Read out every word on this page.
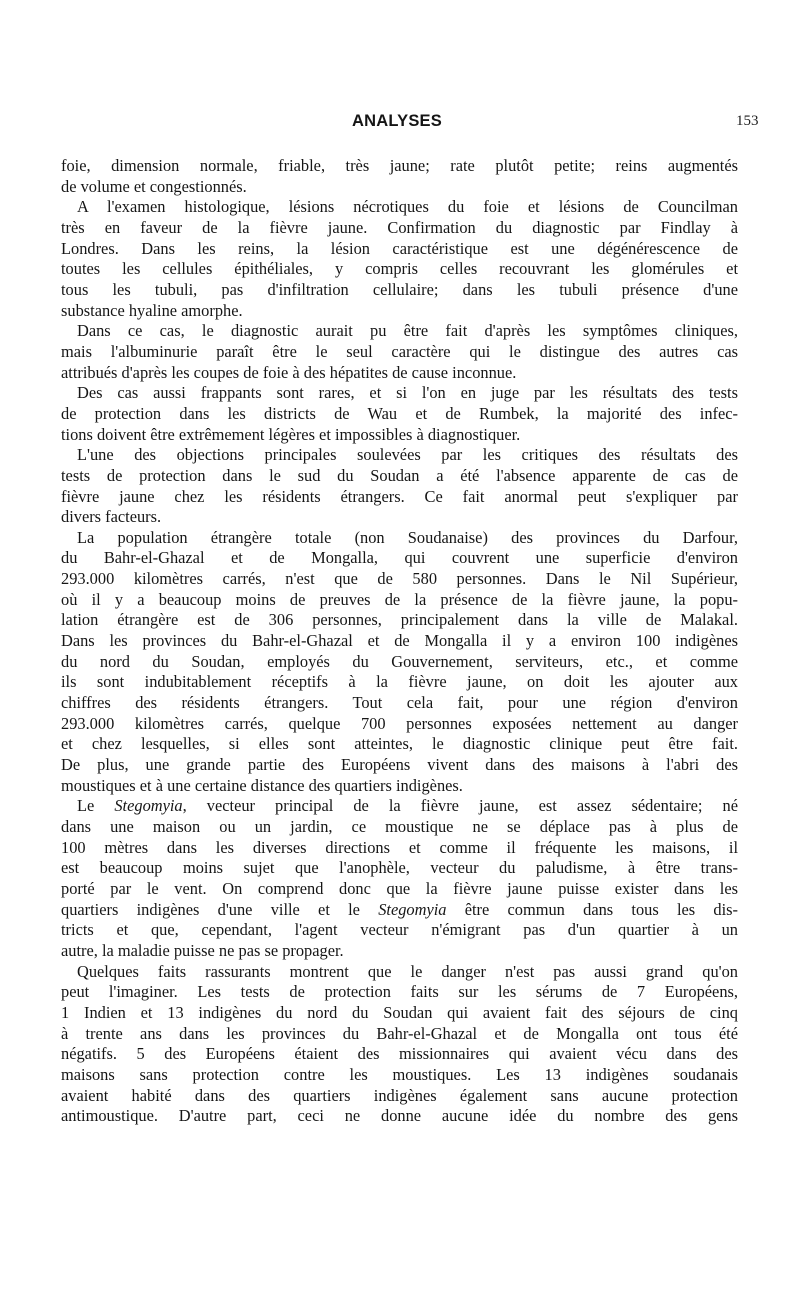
ANALYSES	153
foie, dimension normale, friable, très jaune; rate plutôt petite; reins augmentés
de volume et congestionnés.
A l'examen histologique, lésions nécrotiques du foie et lésions de Councilman
très en faveur de la fièvre jaune. Confirmation du diagnostic par Findlay à
Londres. Dans les reins, la lésion caractéristique est une dégénérescence de
toutes les cellules épithéliales, y compris celles recouvrant les glomérules et
tous les tubuli, pas d'infiltration cellulaire; dans les tubuli présence d'une
substance hyaline amorphe.
Dans ce cas, le diagnostic aurait pu être fait d'après les symptômes cliniques,
mais l'albuminurie paraît être le seul caractère qui le distingue des autres cas
attribués d'après les coupes de foie à des hépatites de cause inconnue.
Des cas aussi frappants sont rares, et si l'on en juge par les résultats des tests
de protection dans les districts de Wau et de Rumbek, la majorité des infec-
tions doivent être extrêmement légères et impossibles à diagnostiquer.
L'une des objections principales soulevées par les critiques des résultats des
tests de protection dans le sud du Soudan a été l'absence apparente de cas de
fièvre jaune chez les résidents étrangers. Ce fait anormal peut s'expliquer par
divers facteurs.
La population étrangère totale (non Soudanaise) des provinces du Darfour,
du Bahr-el-Ghazal et de Mongalla, qui couvrent une superficie d'environ
293.000 kilomètres carrés, n'est que de 580 personnes. Dans le Nil Supérieur,
où il y a beaucoup moins de preuves de la présence de la fièvre jaune, la popu-
lation étrangère est de 306 personnes, principalement dans la ville de Malakal.
Dans les provinces du Bahr-el-Ghazal et de Mongalla il y a environ 100 indigènes
du nord du Soudan, employés du Gouvernement, serviteurs, etc., et comme
ils sont indubitablement réceptifs à la fièvre jaune, on doit les ajouter aux
chiffres des résidents étrangers. Tout cela fait, pour une région d'environ
293.000 kilomètres carrés, quelque 700 personnes exposées nettement au danger
et chez lesquelles, si elles sont atteintes, le diagnostic clinique peut être fait.
De plus, une grande partie des Européens vivent dans des maisons à l'abri des
moustiques et à une certaine distance des quartiers indigènes.
Le Stegomyia, vecteur principal de la fièvre jaune, est assez sédentaire; né
dans une maison ou un jardin, ce moustique ne se déplace pas à plus de
100 mètres dans les diverses directions et comme il fréquente les maisons, il
est beaucoup moins sujet que l'anophèle, vecteur du paludisme, à être trans-
porté par le vent. On comprend donc que la fièvre jaune puisse exister dans les
quartiers indigènes d'une ville et le Stegomyia être commun dans tous les dis-
tricts et que, cependant, l'agent vecteur n'émigrant pas d'un quartier à un
autre, la maladie puisse ne pas se propager.
Quelques faits rassurants montrent que le danger n'est pas aussi grand qu'on
peut l'imaginer. Les tests de protection faits sur les sérums de 7 Européens,
1 Indien et 13 indigènes du nord du Soudan qui avaient fait des séjours de cinq
à trente ans dans les provinces du Bahr-el-Ghazal et de Mongalla ont tous été
négatifs. 5 des Européens étaient des missionnaires qui avaient vécu dans des
maisons sans protection contre les moustiques. Les 13 indigènes soudanais
avaient habité dans des quartiers indigènes également sans aucune protection
antimoustique. D'autre part, ceci ne donne aucune idée du nombre des gens
